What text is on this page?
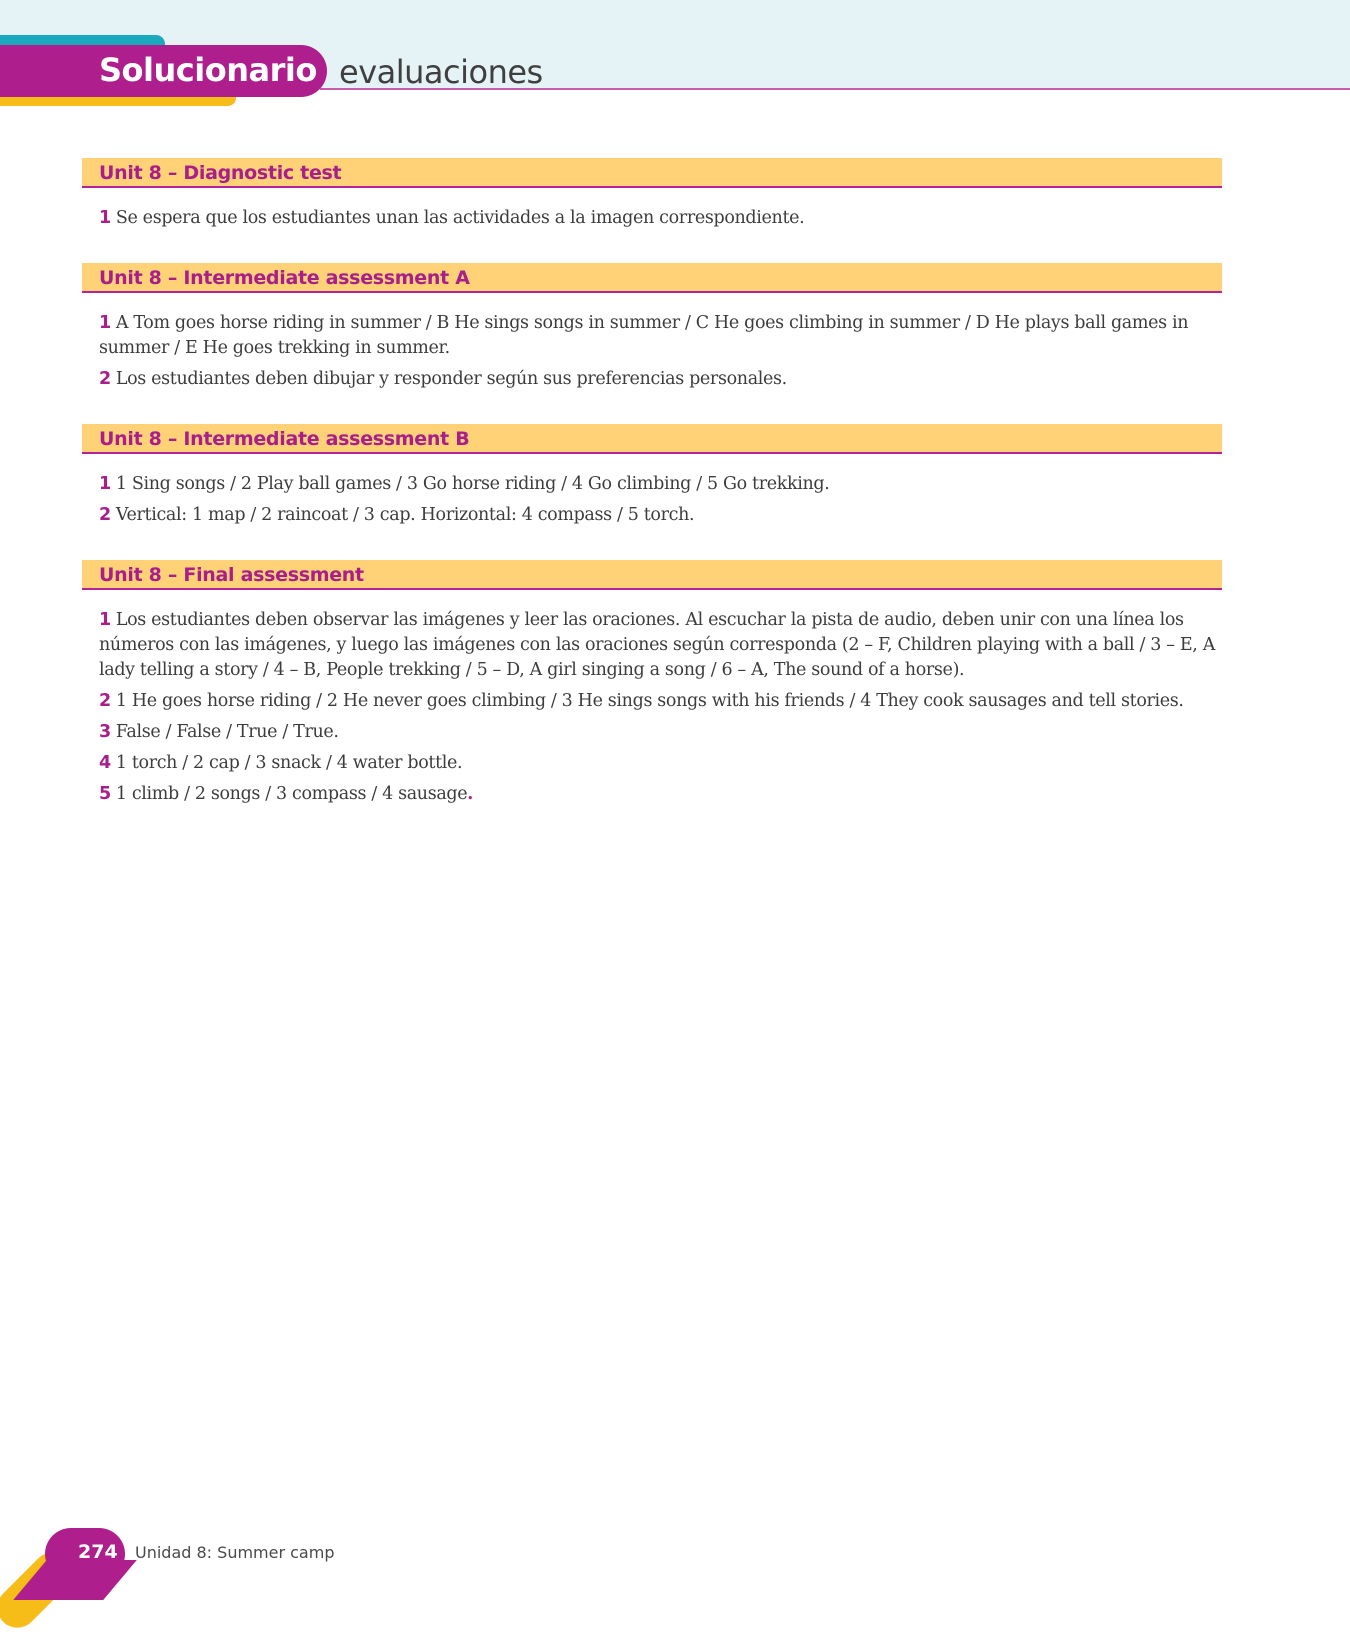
Solucionario evaluaciones
Unit 8 – Diagnostic test
1 Se espera que los estudiantes unan las actividades a la imagen correspondiente.
Unit 8 – Intermediate assessment A
1 A Tom goes horse riding in summer / B He sings songs in summer / C He goes climbing in summer / D He plays ball games in summer / E He goes trekking in summer.
2 Los estudiantes deben dibujar y responder según sus preferencias personales.
Unit 8 – Intermediate assessment B
1 1 Sing songs / 2 Play ball games / 3 Go horse riding / 4 Go climbing / 5 Go trekking.
2 Vertical: 1 map / 2 raincoat / 3 cap. Horizontal: 4 compass / 5 torch.
Unit 8 – Final assessment
1 Los estudiantes deben observar las imágenes y leer las oraciones. Al escuchar la pista de audio, deben unir con una línea los números con las imágenes, y luego las imágenes con las oraciones según corresponda (2 – F, Children playing with a ball / 3 – E, A lady telling a story / 4 – B, People trekking / 5 – D, A girl singing a song / 6 – A, The sound of a horse).
2 1 He goes horse riding / 2 He never goes climbing / 3 He sings songs with his friends / 4 They cook sausages and tell stories.
3 False / False / True / True.
4 1 torch / 2 cap / 3 snack / 4 water bottle.
5 1 climb / 2 songs / 3 compass / 4 sausage.
274 Unidad 8: Summer camp
